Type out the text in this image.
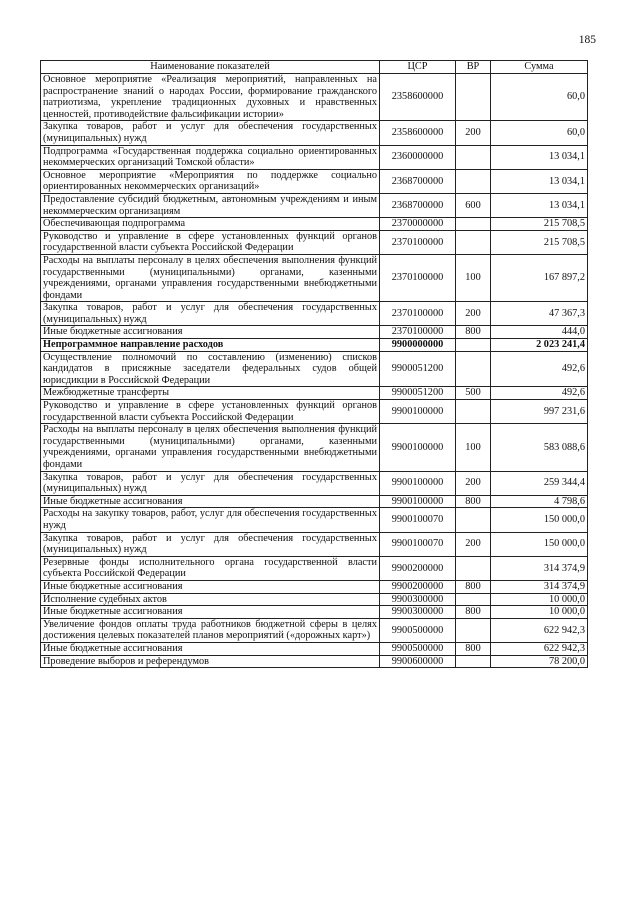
185
Наименование показателей	ЦСР	ВР	Сумма
Основное мероприятие «Реализация мероприятий, направленных на распространение знаний о народах России, формирование гражданского патриотизма, укрепление традиционных духовных и нравственных ценностей, противодействие фальсификации истории»	2358600000		60,0
Закупка товаров, работ и услуг для обеспечения государственных (муниципальных) нужд	2358600000	200	60,0
Подпрограмма «Государственная поддержка социально ориентированных некоммерческих организаций Томской области»	2360000000		13 034,1
Основное мероприятие «Мероприятия по поддержке социально ориентированных некоммерческих организаций»	2368700000		13 034,1
Предоставление субсидий бюджетным, автономным учреждениям и иным некоммерческим организациям	2368700000	600	13 034,1
Обеспечивающая подпрограмма	2370000000		215 708,5
Руководство и управление в сфере установленных функций органов государственной власти субъекта Российской Федерации	2370100000		215 708,5
Расходы на выплаты персоналу в целях обеспечения выполнения функций государственными (муниципальными) органами, казенными учреждениями, органами управления государственными внебюджетными фондами	2370100000	100	167 897,2
Закупка товаров, работ и услуг для обеспечения государственных (муниципальных) нужд	2370100000	200	47 367,3
Иные бюджетные ассигнования	2370100000	800	444,0
Непрограммное направление расходов	9900000000		2 023 241,4
Осуществление полномочий по составлению (изменению) списков кандидатов в присяжные заседатели федеральных судов общей юрисдикции в Российской Федерации	9900051200		492,6
Межбюджетные трансферты	9900051200	500	492,6
Руководство и управление в сфере установленных функций органов государственной власти субъекта Российской Федерации	9900100000		997 231,6
Расходы на выплаты персоналу в целях обеспечения выполнения функций государственными (муниципальными) органами, казенными учреждениями, органами управления государственными внебюджетными фондами	9900100000	100	583 088,6
Закупка товаров, работ и услуг для обеспечения государственных (муниципальных) нужд	9900100000	200	259 344,4
Иные бюджетные ассигнования	9900100000	800	4 798,6
Расходы на закупку товаров, работ, услуг для обеспечения государственных нужд	9900100070		150 000,0
Закупка товаров, работ и услуг для обеспечения государственных (муниципальных) нужд	9900100070	200	150 000,0
Резервные фонды исполнительного органа государственной власти субъекта Российской Федерации	9900200000		314 374,9
Иные бюджетные ассигнования	9900200000	800	314 374,9
Исполнение судебных актов	9900300000		10 000,0
Иные бюджетные ассигнования	9900300000	800	10 000,0
Увеличение фондов оплаты труда работников бюджетной сферы в целях достижения целевых показателей планов мероприятий («дорожных карт»)	9900500000		622 942,3
Иные бюджетные ассигнования	9900500000	800	622 942,3
Проведение выборов и референдумов	9900600000		78 200,0
